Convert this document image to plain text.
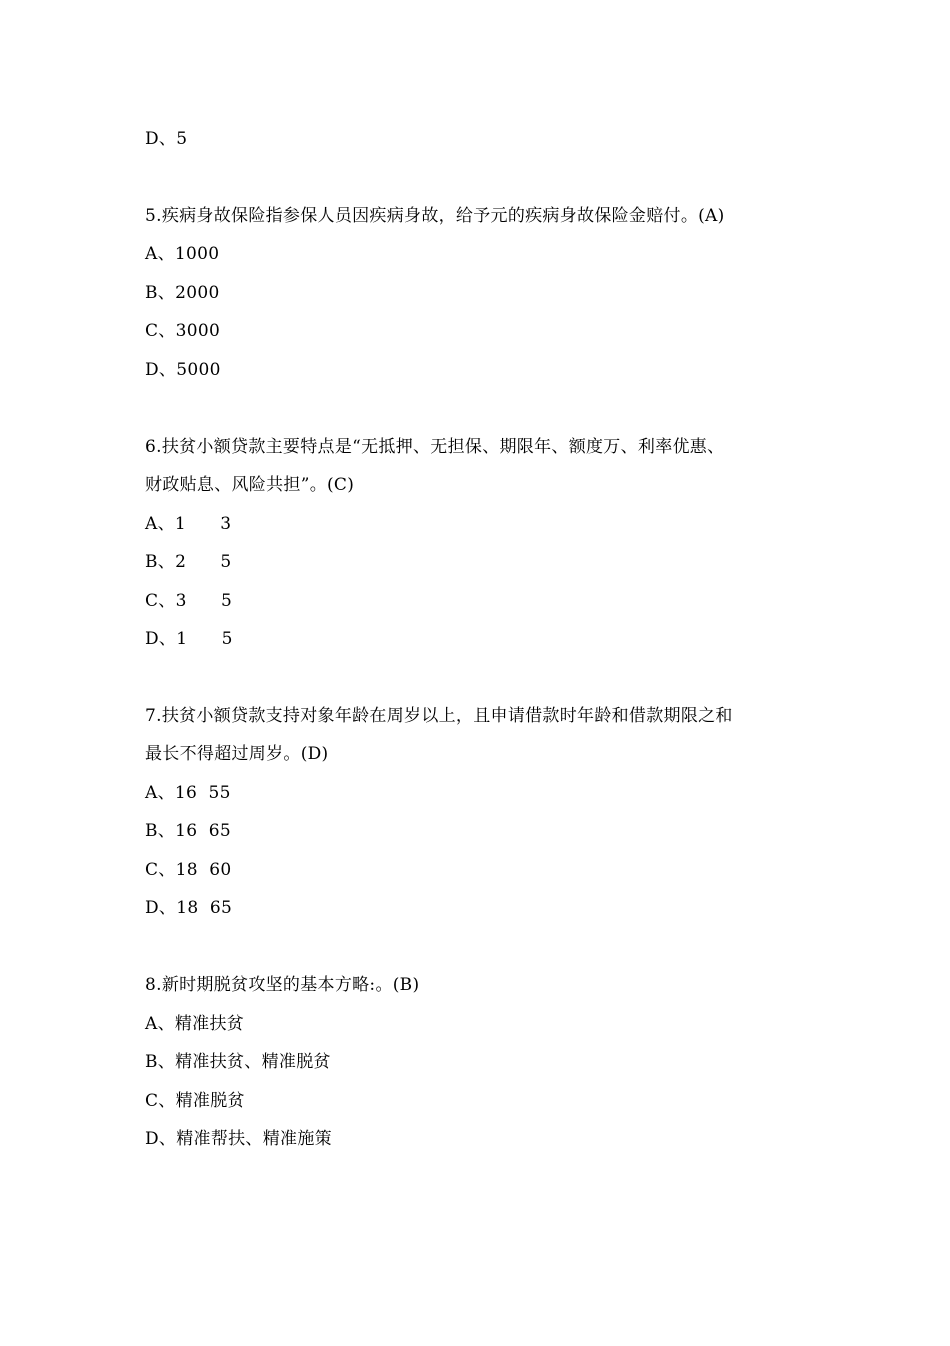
D、5
5.疾病身故保险指参保人员因疾病身故，给予元的疾病身故保险金赔付。(A)
A、1000
B、2000
C、3000
D、5000
6.扶贫小额贷款主要特点是“无抵押、无担保、期限年、额度万、利率优惠、
财政贴息、风险共担”。(C)
A、1      3
B、2      5
C、3      5
D、1      5
7.扶贫小额贷款支持对象年龄在周岁以上，且申请借款时年龄和借款期限之和
最长不得超过周岁。(D)
A、16  55
B、16  65
C、18  60
D、18  65
8.新时期脱贫攻坚的基本方略:。(B)
A、精准扶贫
B、精准扶贫、精准脱贫
C、精准脱贫
D、精准帮扶、精准施策
